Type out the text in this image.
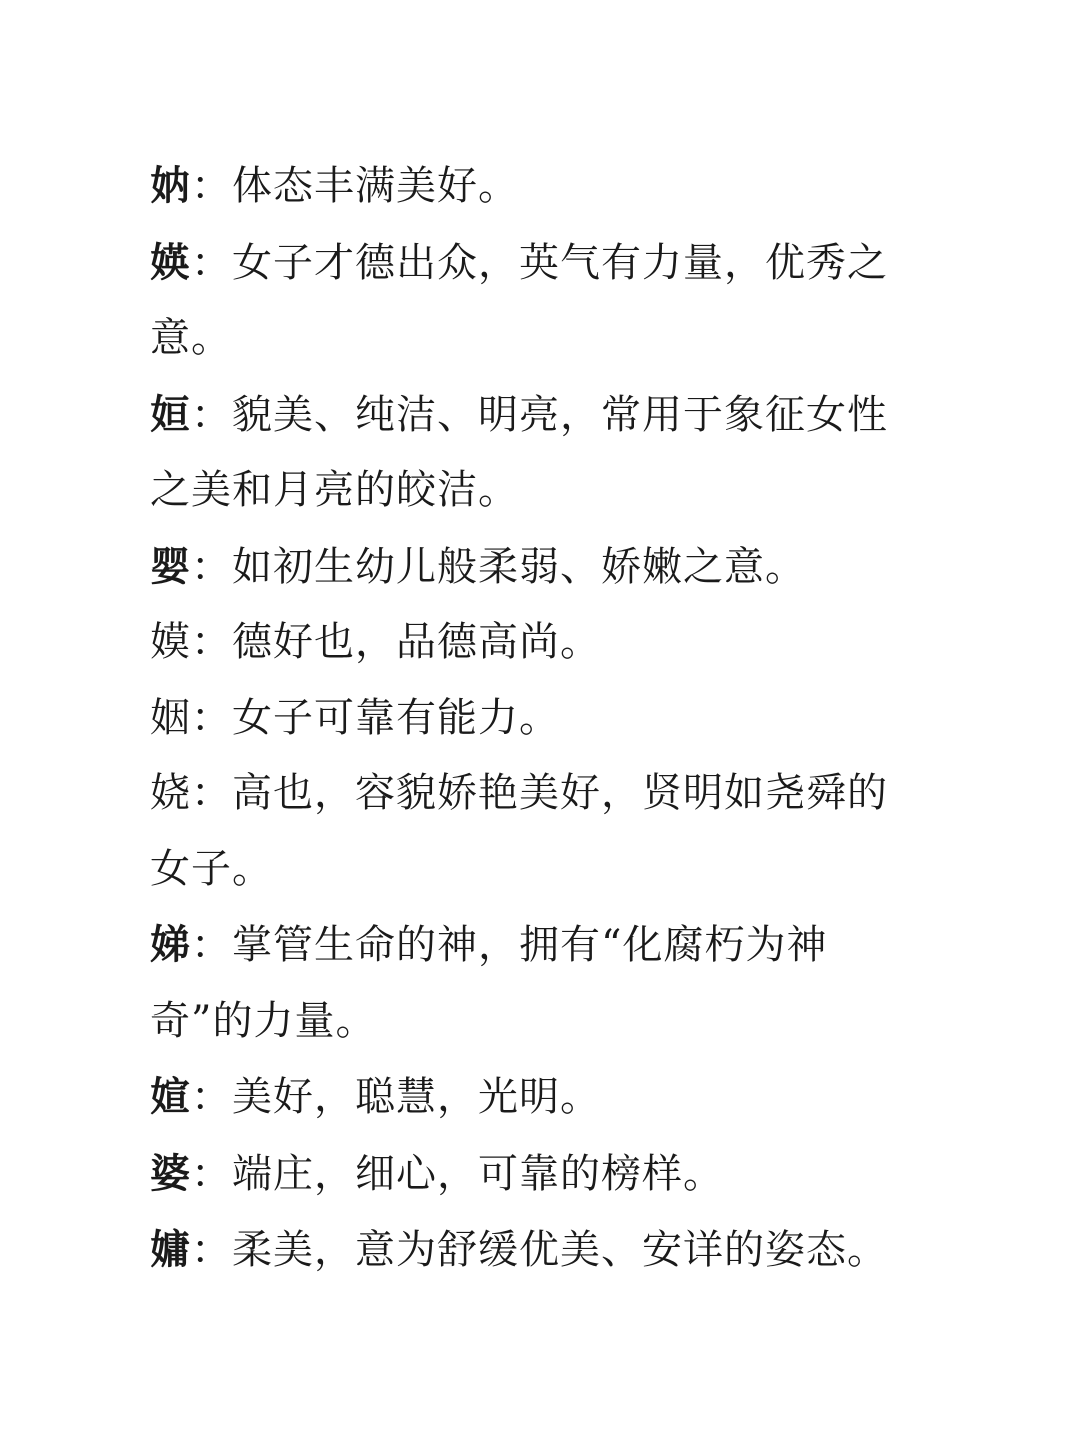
妠：体态丰满美好。

媖：女子才德出众，英气有力量，优秀之意。

姮：貌美、纯洁、明亮，常用于象征女性之美和月亮的皎洁。

婴：如初生幼儿般柔弱、娇嫩之意。

嫫：德好也，品德高尚。

姻：女子可靠有能力。

娆：高也，容貌娇艳美好，贤明如尧舜的女子。

娣：掌管生命的神，拥有“化腐朽为神奇”的力量。

媗：美好，聪慧，光明。

婆：端庄，细心，可靠的榜样。

嫞：柔美，意为舒缓优美、安详的姿态。
